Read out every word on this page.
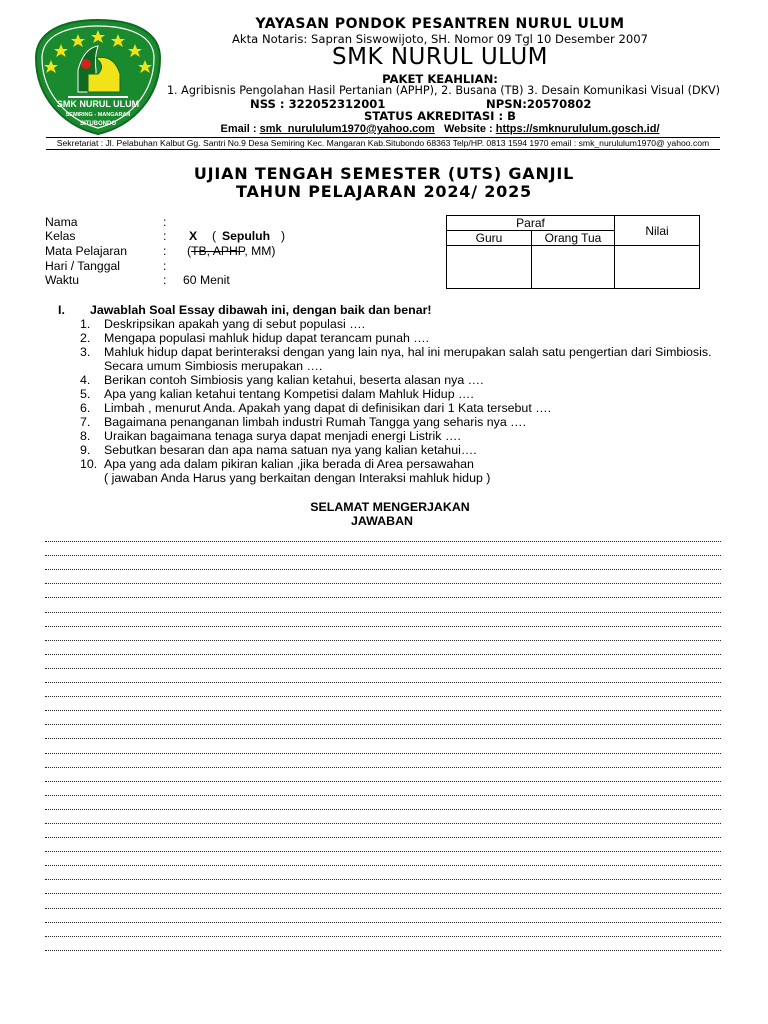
SMK NURUL ULUM
SEMIRING - MANGARAN
SITUBONDO
YAYASAN PONDOK PESANTREN NURUL ULUM
Akta Notaris: Sapran Siswowijoto, SH. Nomor 09 Tgl 10 Desember 2007
SMK NURUL ULUM
PAKET KEAHLIAN:
1. Agribisnis Pengolahan Hasil Pertanian (APHP), 2. Busana (TB) 3. Desain Komunikasi Visual (DKV)
NSS : 322052312001	NPSN:20570802
STATUS AKREDITASI : B
Email : smk_nurululum1970@yahoo.com Website : https://smknurululum.gosch.id/
Sekretariat : Jl. Pelabuhan Kalbut Gg. Santri No.9 Desa Semiring Kec. Mangaran Kab.Situbondo 68363 Telp/HP. 0813 1594 1970 email : smk_nurululum1970@ yahoo.com
UJIAN TENGAH SEMESTER (UTS) GANJIL
TAHUN PELAJARAN 2024/ 2025
Nama	:
Kelas	: X ( Sepuluh )
Mata Pelajaran	: (TB, APHP, MM)
Hari / Tanggal	:
Waktu	: 60 Menit
Paraf		Nilai
Guru	Orang Tua	

I. Jawablah Soal Essay dibawah ini, dengan baik dan benar!
1. Deskripsikan apakah yang di sebut populasi ….
2. Mengapa populasi mahluk hidup dapat terancam punah ….
3. Mahluk hidup dapat berinteraksi dengan yang lain nya, hal ini merupakan salah satu pengertian dari Simbiosis.
Secara umum Simbiosis merupakan ….
4. Berikan contoh Simbiosis yang kalian ketahui, beserta alasan nya ….
5. Apa yang kalian ketahui tentang Kompetisi dalam Mahluk Hidup ….
6. Limbah , menurut Anda. Apakah yang dapat di definisikan dari 1 Kata tersebut ….
7. Bagaimana penanganan limbah industri Rumah Tangga yang seharis nya ….
8. Uraikan bagaimana tenaga surya dapat menjadi energi Listrik ….
9. Sebutkan besaran dan apa nama satuan nya yang kalian ketahui….
10. Apa yang ada dalam pikiran kalian ,jika berada di Area persawahan
( jawaban Anda Harus yang berkaitan dengan Interaksi mahluk hidup )
SELAMAT MENGERJAKAN
JAWABAN
